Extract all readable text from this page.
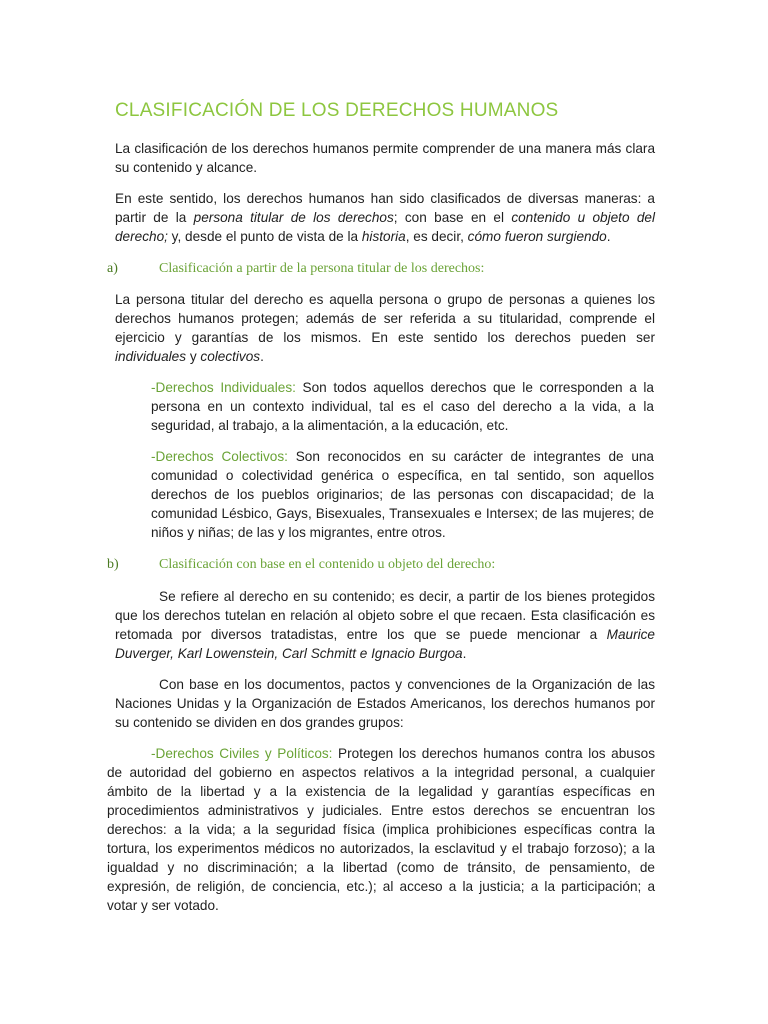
CLASIFICACIÓN DE LOS DERECHOS HUMANOS

La clasificación de los derechos humanos permite comprender de una manera más clara su contenido y alcance.

En este sentido, los derechos humanos han sido clasificados de diversas maneras: a partir de la persona titular de los derechos; con base en el contenido u objeto del derecho; y, desde el punto de vista de la historia, es decir, cómo fueron surgiendo.

a)	Clasificación a partir de la persona titular de los derechos:

La persona titular del derecho es aquella persona o grupo de personas a quienes los derechos humanos protegen; además de ser referida a su titularidad, comprende el ejercicio y garantías de los mismos. En este sentido los derechos pueden ser individuales y colectivos.

-Derechos Individuales: Son todos aquellos derechos que le corresponden a la persona en un contexto individual, tal es el caso del derecho a la vida, a la seguridad, al trabajo, a la alimentación, a la educación, etc.

-Derechos Colectivos: Son reconocidos en su carácter de integrantes de una comunidad o colectividad genérica o específica, en tal sentido, son aquellos derechos de los pueblos originarios; de las personas con discapacidad; de la comunidad Lésbico, Gays, Bisexuales, Transexuales e Intersex; de las mujeres; de niños y niñas; de las y los migrantes, entre otros.

b)	Clasificación con base en el contenido u objeto del derecho:

Se refiere al derecho en su contenido; es decir, a partir de los bienes protegidos que los derechos tutelan en relación al objeto sobre el que recaen. Esta clasificación es retomada por diversos tratadistas, entre los que se puede mencionar a Maurice Duverger, Karl Lowenstein, Carl Schmitt e Ignacio Burgoa.

Con base en los documentos, pactos y convenciones de la Organización de las Naciones Unidas y la Organización de Estados Americanos, los derechos humanos por su contenido se dividen en dos grandes grupos:

-Derechos Civiles y Políticos: Protegen los derechos humanos contra los abusos de autoridad del gobierno en aspectos relativos a la integridad personal, a cualquier ámbito de la libertad y a la existencia de la legalidad y garantías específicas en procedimientos administrativos y judiciales. Entre estos derechos se encuentran los derechos: a la vida; a la seguridad física (implica prohibiciones específicas contra la tortura, los experimentos médicos no autorizados, la esclavitud y el trabajo forzoso); a la igualdad y no discriminación; a la libertad (como de tránsito, de pensamiento, de expresión, de religión, de conciencia, etc.); al acceso a la justicia; a la participación; a votar y ser votado.
